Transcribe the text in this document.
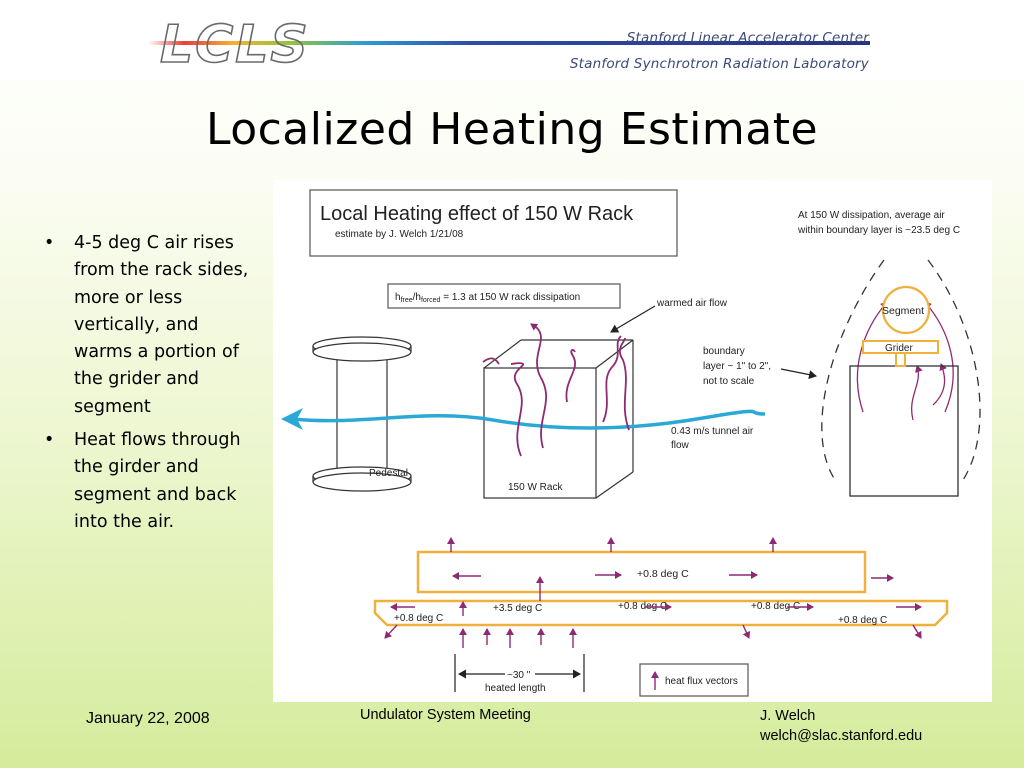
LCLS	Stanford Linear Accelerator Center
Stanford Synchrotron Radiation Laboratory
Localized Heating Estimate
• 4-5 deg C air rises from the rack sides, more or less vertically, and warms a portion of the grider and segment
• Heat flows through the girder and segment and back into the air.
Local Heating effect of 150 W Rack
estimate by J. Welch 1/21/08
At 150 W dissipation, average air
within boundary layer is ~23.5 deg C
$h_{free}/h_{forced} = 1.3$ at 150 W rack dissipation
warmed air flow
Pedestal
150 W Rack
0.43 m/s tunnel air
flow
boundary
layer ~ 1" to 2",
not to scale
Segment
Grider
+0.8 deg C
+0.8 deg C
+3.5 deg C	+0.8 deg C	+0.8 deg C
+0.8 deg C
~30 "
heated length
heat flux vectors
January 22, 2008	Undulator System Meeting	J. Welch
welch@slac.stanford.edu
